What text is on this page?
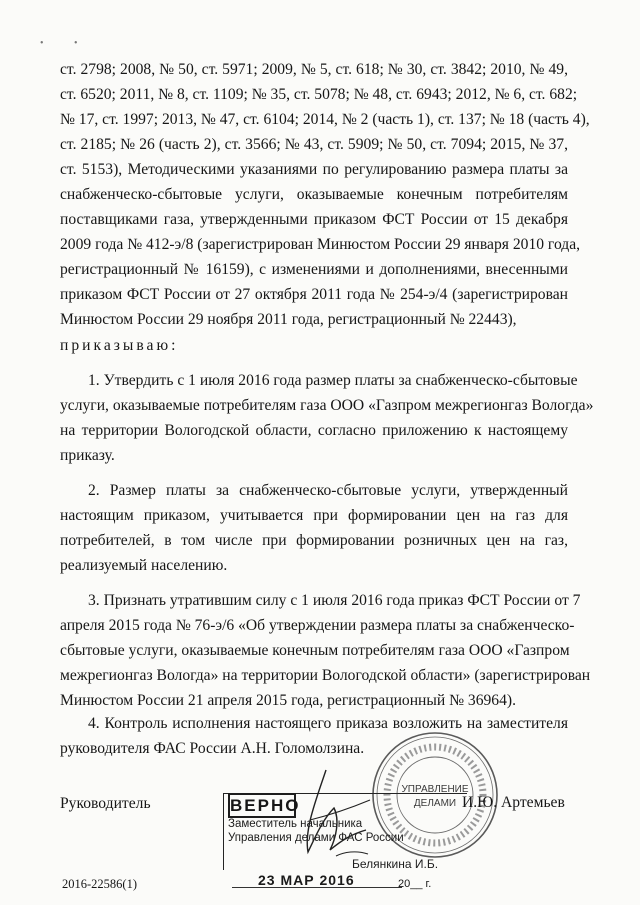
• •
ст. 2798; 2008, № 50, ст. 5971; 2009, № 5, ст. 618; № 30, ст. 3842; 2010, № 49,
ст. 6520; 2011, № 8, ст. 1109; № 35, ст. 5078; № 48, ст. 6943; 2012, № 6, ст. 682;
№ 17, ст. 1997; 2013, № 47, ст. 6104; 2014, № 2 (часть 1), ст. 137; № 18 (часть 4),
ст. 2185; № 26 (часть 2), ст. 3566; № 43, ст. 5909; № 50, ст. 7094; 2015, № 37,
ст. 5153), Методическими указаниями по регулированию размера платы за
снабженческо-сбытовые услуги, оказываемые конечным потребителям
поставщиками газа, утвержденными приказом ФСТ России от 15 декабря
2009 года № 412-э/8 (зарегистрирован Минюстом России 29 января 2010 года,
регистрационный № 16159), с изменениями и дополнениями, внесенными
приказом ФСТ России от 27 октября 2011 года № 254-э/4 (зарегистрирован
Минюстом России 29 ноября 2011 года, регистрационный № 22443),
приказываю:
1. Утвердить с 1 июля 2016 года размер платы за снабженческо-сбытовые
услуги, оказываемые потребителям газа ООО «Газпром межрегионгаз Вологда»
на территории Вологодской области, согласно приложению к настоящему
приказу.
2. Размер платы за снабженческо-сбытовые услуги, утвержденный
настоящим приказом, учитывается при формировании цен на газ для
потребителей, в том числе при формировании розничных цен на газ,
реализуемый населению.
3. Признать утратившим силу с 1 июля 2016 года приказ ФСТ России от 7
апреля 2015 года № 76-э/6 «Об утверждении размера платы за снабженческо-
сбытовые услуги, оказываемые конечным потребителям газа ООО «Газпром
межрегионгаз Вологда» на территории Вологодской области» (зарегистрирован
Минюстом России 21 апреля 2015 года, регистрационный № 36964).
4. Контроль исполнения настоящего приказа возложить на заместителя
руководителя ФАС России А.Н. Голомолзина.
УПРАВЛЕНИЕ
ДЕЛАМИ
ВЕРНО
Заместитель начальника
Управления делами ФАС России
Белянкина И.Б.
Руководитель	И.Ю. Артемьев
23 МАР 2016	20__ г.
2016-22586(1)
